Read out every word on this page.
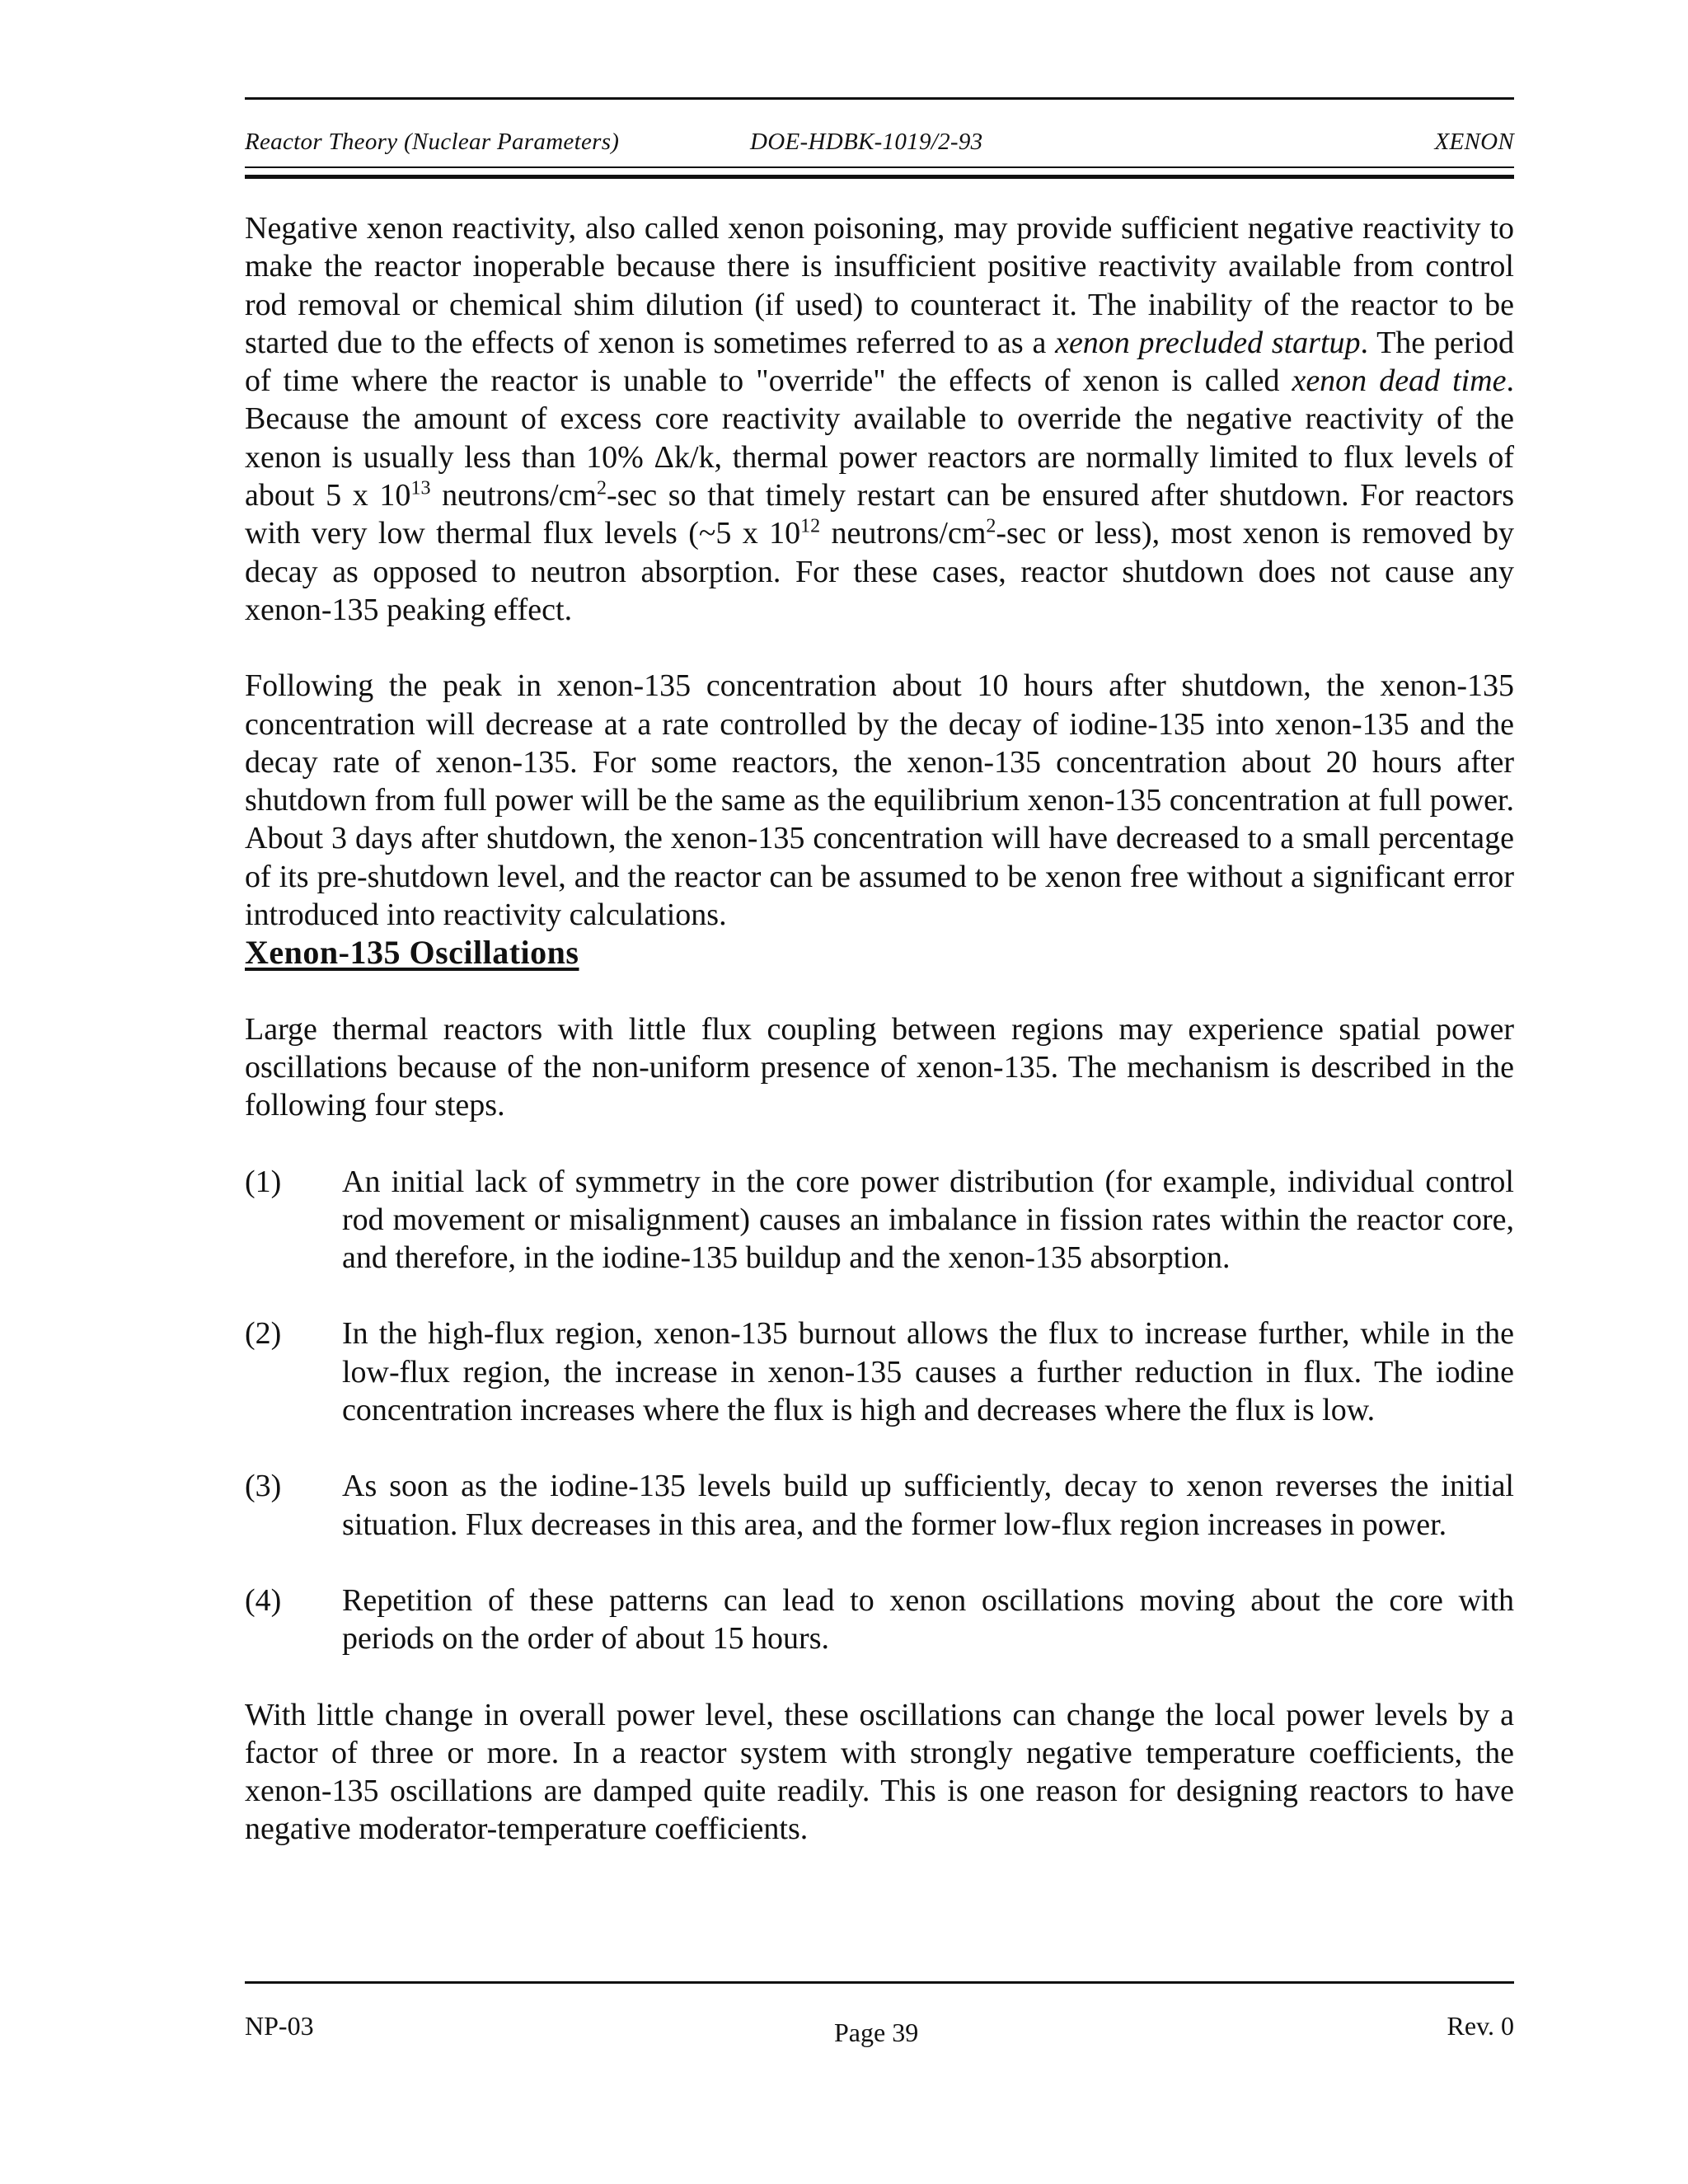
Reactor Theory (Nuclear Parameters)	DOE-HDBK-1019/2-93	XENON

Negative xenon reactivity, also called xenon poisoning, may provide sufficient negative reactivity to make the reactor inoperable because there is insufficient positive reactivity available from control rod removal or chemical shim dilution (if used) to counteract it. The inability of the reactor to be started due to the effects of xenon is sometimes referred to as a xenon precluded startup. The period of time where the reactor is unable to "override" the effects of xenon is called xenon dead time. Because the amount of excess core reactivity available to override the negative reactivity of the xenon is usually less than 10% Δk/k, thermal power reactors are normally limited to flux levels of about 5 x $10^{13}$ neutrons/$cm^2-\sec$ so that timely restart can be ensured after shutdown. For reactors with very low thermal flux levels (~5 x $10^{12}$ neutrons/$cm^2-\sec$ or less), most xenon is removed by decay as opposed to neutron absorption. For these cases, reactor shutdown does not cause any xenon-135 peaking effect.

Following the peak in xenon-135 concentration about 10 hours after shutdown, the xenon-135 concentration will decrease at a rate controlled by the decay of iodine-135 into xenon-135 and the decay rate of xenon-135. For some reactors, the xenon-135 concentration about 20 hours after shutdown from full power will be the same as the equilibrium xenon-135 concentration at full power. About 3 days after shutdown, the xenon-135 concentration will have decreased to a small percentage of its pre-shutdown level, and the reactor can be assumed to be xenon free without a significant error introduced into reactivity calculations.

Xenon-135 Oscillations

Large thermal reactors with little flux coupling between regions may experience spatial power oscillations because of the non-uniform presence of xenon-135. The mechanism is described in the following four steps.

(1)	An initial lack of symmetry in the core power distribution (for example, individual control rod movement or misalignment) causes an imbalance in fission rates within the reactor core, and therefore, in the iodine-135 buildup and the xenon-135 absorption.
(2)	In the high-flux region, xenon-135 burnout allows the flux to increase further, while in the low-flux region, the increase in xenon-135 causes a further reduction in flux. The iodine concentration increases where the flux is high and decreases where the flux is low.
(3)	As soon as the iodine-135 levels build up sufficiently, decay to xenon reverses the initial situation. Flux decreases in this area, and the former low-flux region increases in power.
(4)	Repetition of these patterns can lead to xenon oscillations moving about the core with periods on the order of about 15 hours.

With little change in overall power level, these oscillations can change the local power levels by a factor of three or more. In a reactor system with strongly negative temperature coefficients, the xenon-135 oscillations are damped quite readily. This is one reason for designing reactors to have negative moderator-temperature coefficients.

NP-03	Page 39	Rev. 0
